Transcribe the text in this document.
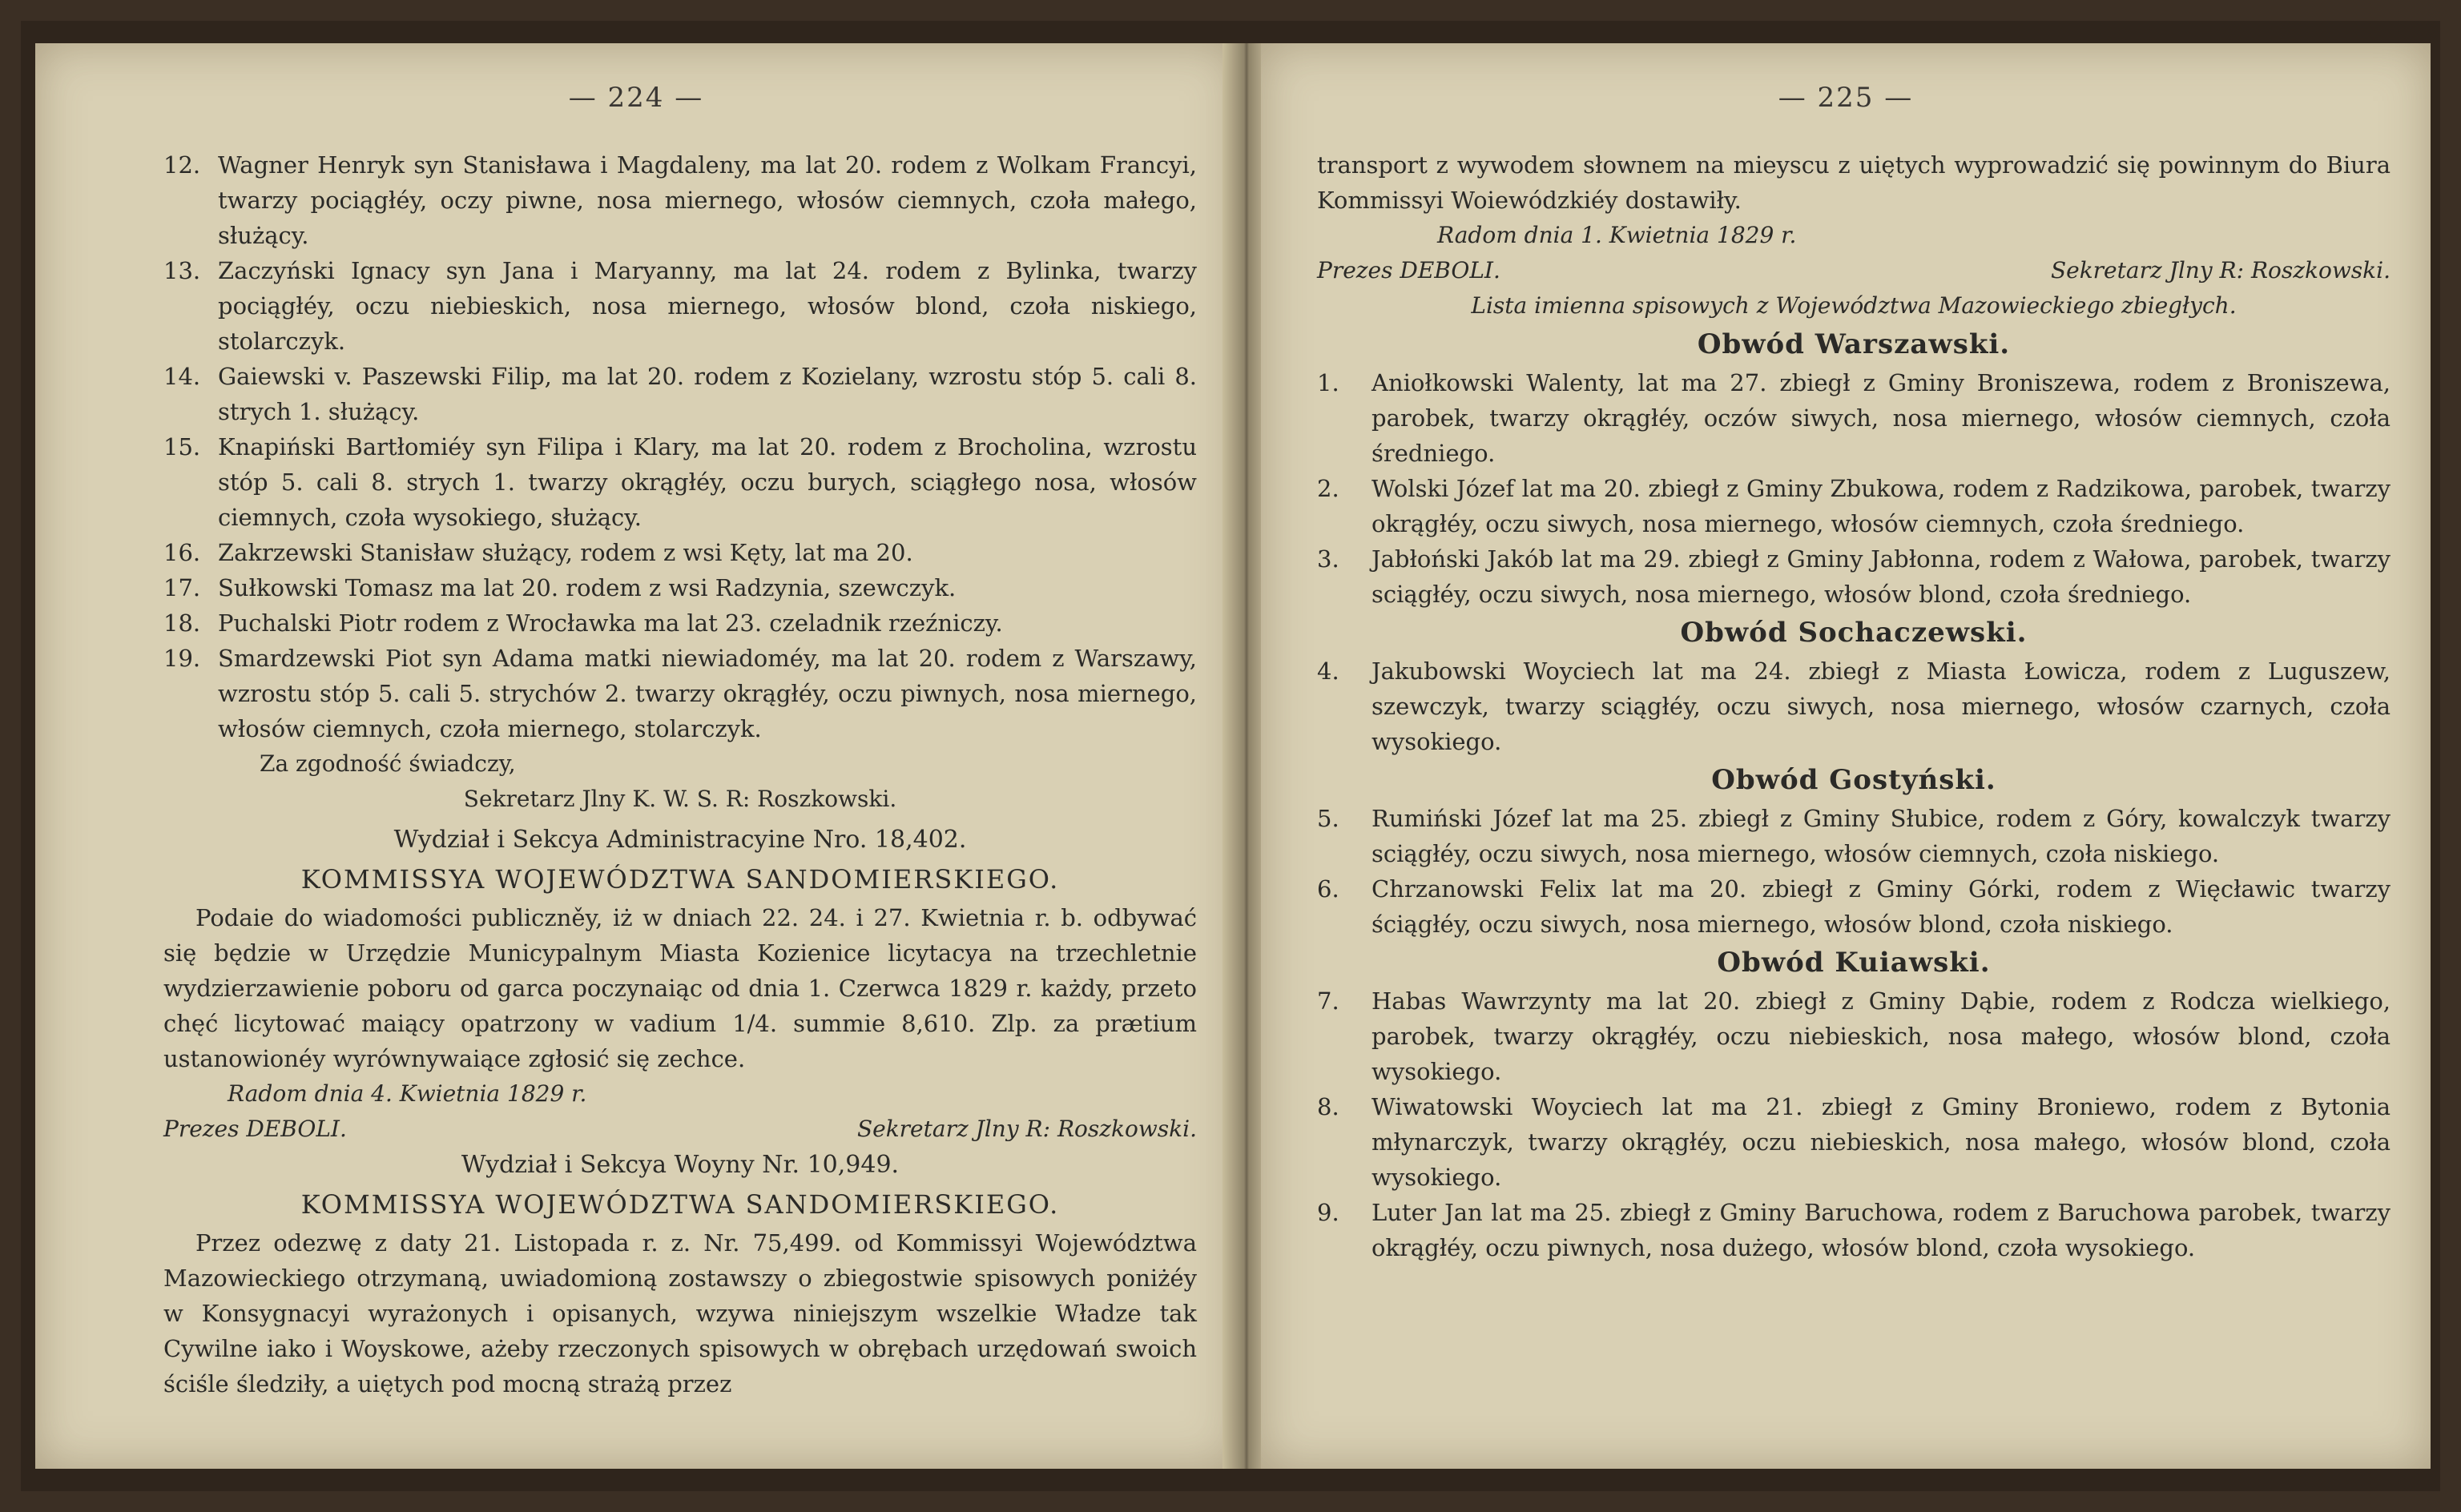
— 224 —
12. Wagner Henryk syn Stanisława i Magdaleny, ma lat 20. rodem z Wolkam Francyi, twarzy pociągłéy, oczy piwne, nosa miernego, włosów ciemnych, czoła małego, służący.
13. Zaczyński Ignacy syn Jana i Maryanny, ma lat 24. rodem z Bylinka, twarzy pociągłéy, oczu niebieskich, nosa miernego, włosów blond, czoła niskiego, stolarczyk.
14. Gaiewski v. Paszewski Filip, ma lat 20. rodem z Kozielany, wzrostu stóp 5. cali 8. strych 1. służący.
15. Knapiński Bartłomiéy syn Filipa i Klary, ma lat 20. rodem z Brocholina, wzrostu stóp 5. cali 8. strych 1. twarzy okrągłéy, oczu burych, sciągłego nosa, włosów ciemnych, czoła wysokiego, służący.
16. Zakrzewski Stanisław służący, rodem z wsi Kęty, lat ma 20.
17. Sułkowski Tomasz ma lat 20. rodem z wsi Radzynia, szewczyk.
18. Puchalski Piotr rodem z Wrocławka ma lat 23. czeladnik rzeźniczy.
19. Smardzewski Piot syn Adama matki niewiadoméy, ma lat 20. rodem z Warszawy, wzrostu stóp 5. cali 5. strychów 2. twarzy okrągłéy, oczu piwnych, nosa miernego, włosów ciemnych, czoła miernego, stolarczyk.

Za zgodność świadczy,

Sekretarz Jlny K. W. S. R: Roszkowski.

Wydział i Sekcya Administracyine Nro. 18,402.

KOMMISSYA WOJEWÓDZTWA SANDOMIERSKIEGO.

Podaie do wiadomości publiczněy, iż w dniach 22. 24. i 27. Kwietnia r. b. odbywać się będzie w Urzędzie Municypalnym Miasta Kozienice licytacya na trzechletnie wydzierzawienie poboru od garca poczynaiąc od dnia 1. Czerwca 1829 r. każdy, przeto chęć licytować maiący opatrzony w vadium 1/4. summie 8,610. Zlp. za prætium ustanowionéy wyrównywaiące zgłosić się zechce.

Radom dnia 4. Kwietnia 1829 r.

Prezes DEBOLI.	Sekretarz Jlny R: Roszkowski.

Wydział i Sekcya Woyny Nr. 10,949.

KOMMISSYA WOJEWÓDZTWA SANDOMIERSKIEGO.

Przez odezwę z daty 21. Listopada r. z. Nr. 75,499. od Kommissyi Województwa Mazowieckiego otrzymaną, uwiadomioną zostawszy o zbiegostwie spisowych poniżéy w Konsygnacyi wyrażonych i opisanych, wzywa niniejszym wszelkie Władze tak Cywilne iako i Woyskowe, ażeby rzeczonych spisowych w obrębach urzędowań swoich ściśle śledziły, a uiętych pod mocną strażą przez

— 225 —

transport z wywodem słownem na mieyscu z uiętych wyprowadzić się powinnym do Biura Kommissyi Woiewódzkiéy dostawiły.

Radom dnia 1. Kwietnia 1829 r.

Prezes DEBOLI.	Sekretarz Jlny R: Roszkowski.

Lista imienna spisowych z Województwa Mazowieckiego zbiegłych.

Obwód Warszawski.

1. Aniołkowski Walenty, lat ma 27. zbiegł z Gminy Broniszewa, rodem z Broniszewa, parobek, twarzy okrągłéy, oczów siwych, nosa miernego, włosów ciemnych, czoła średniego.
2. Wolski Józef lat ma 20. zbiegł z Gminy Zbukowa, rodem z Radzikowa, parobek, twarzy okrągłéy, oczu siwych, nosa miernego, włosów ciemnych, czoła średniego.
3. Jabłoński Jakób lat ma 29. zbiegł z Gminy Jabłonna, rodem z Wałowa, parobek, twarzy sciągłéy, oczu siwych, nosa miernego, włosów blond, czoła średniego.

Obwód Sochaczewski.

4. Jakubowski Woyciech lat ma 24. zbiegł z Miasta Łowicza, rodem z Luguszew, szewczyk, twarzy sciągłéy, oczu siwych, nosa miernego, włosów czarnych, czoła wysokiego.

Obwód Gostyński.

5. Rumiński Józef lat ma 25. zbiegł z Gminy Słubice, rodem z Góry, kowalczyk twarzy sciągłéy, oczu siwych, nosa miernego, włosów ciemnych, czoła niskiego.
6. Chrzanowski Felix lat ma 20. zbiegł z Gminy Górki, rodem z Więcławic twarzy ściągłéy, oczu siwych, nosa miernego, włosów blond, czoła niskiego.

Obwód Kuiawski.

7. Habas Wawrzynty ma lat 20. zbiegł z Gminy Dąbie, rodem z Rodcza wielkiego, parobek, twarzy okrągłéy, oczu niebieskich, nosa małego, włosów blond, czoła wysokiego.
8. Wiwatowski Woyciech lat ma 21. zbiegł z Gminy Broniewo, rodem z Bytonia młynarczyk, twarzy okrągłéy, oczu niebieskich, nosa małego, włosów blond, czoła wysokiego.
9. Luter Jan lat ma 25. zbiegł z Gminy Baruchowa, rodem z Baruchowa parobek, twarzy okrągłéy, oczu piwnych, nosa dużego, włosów blond, czoła wysokiego.
